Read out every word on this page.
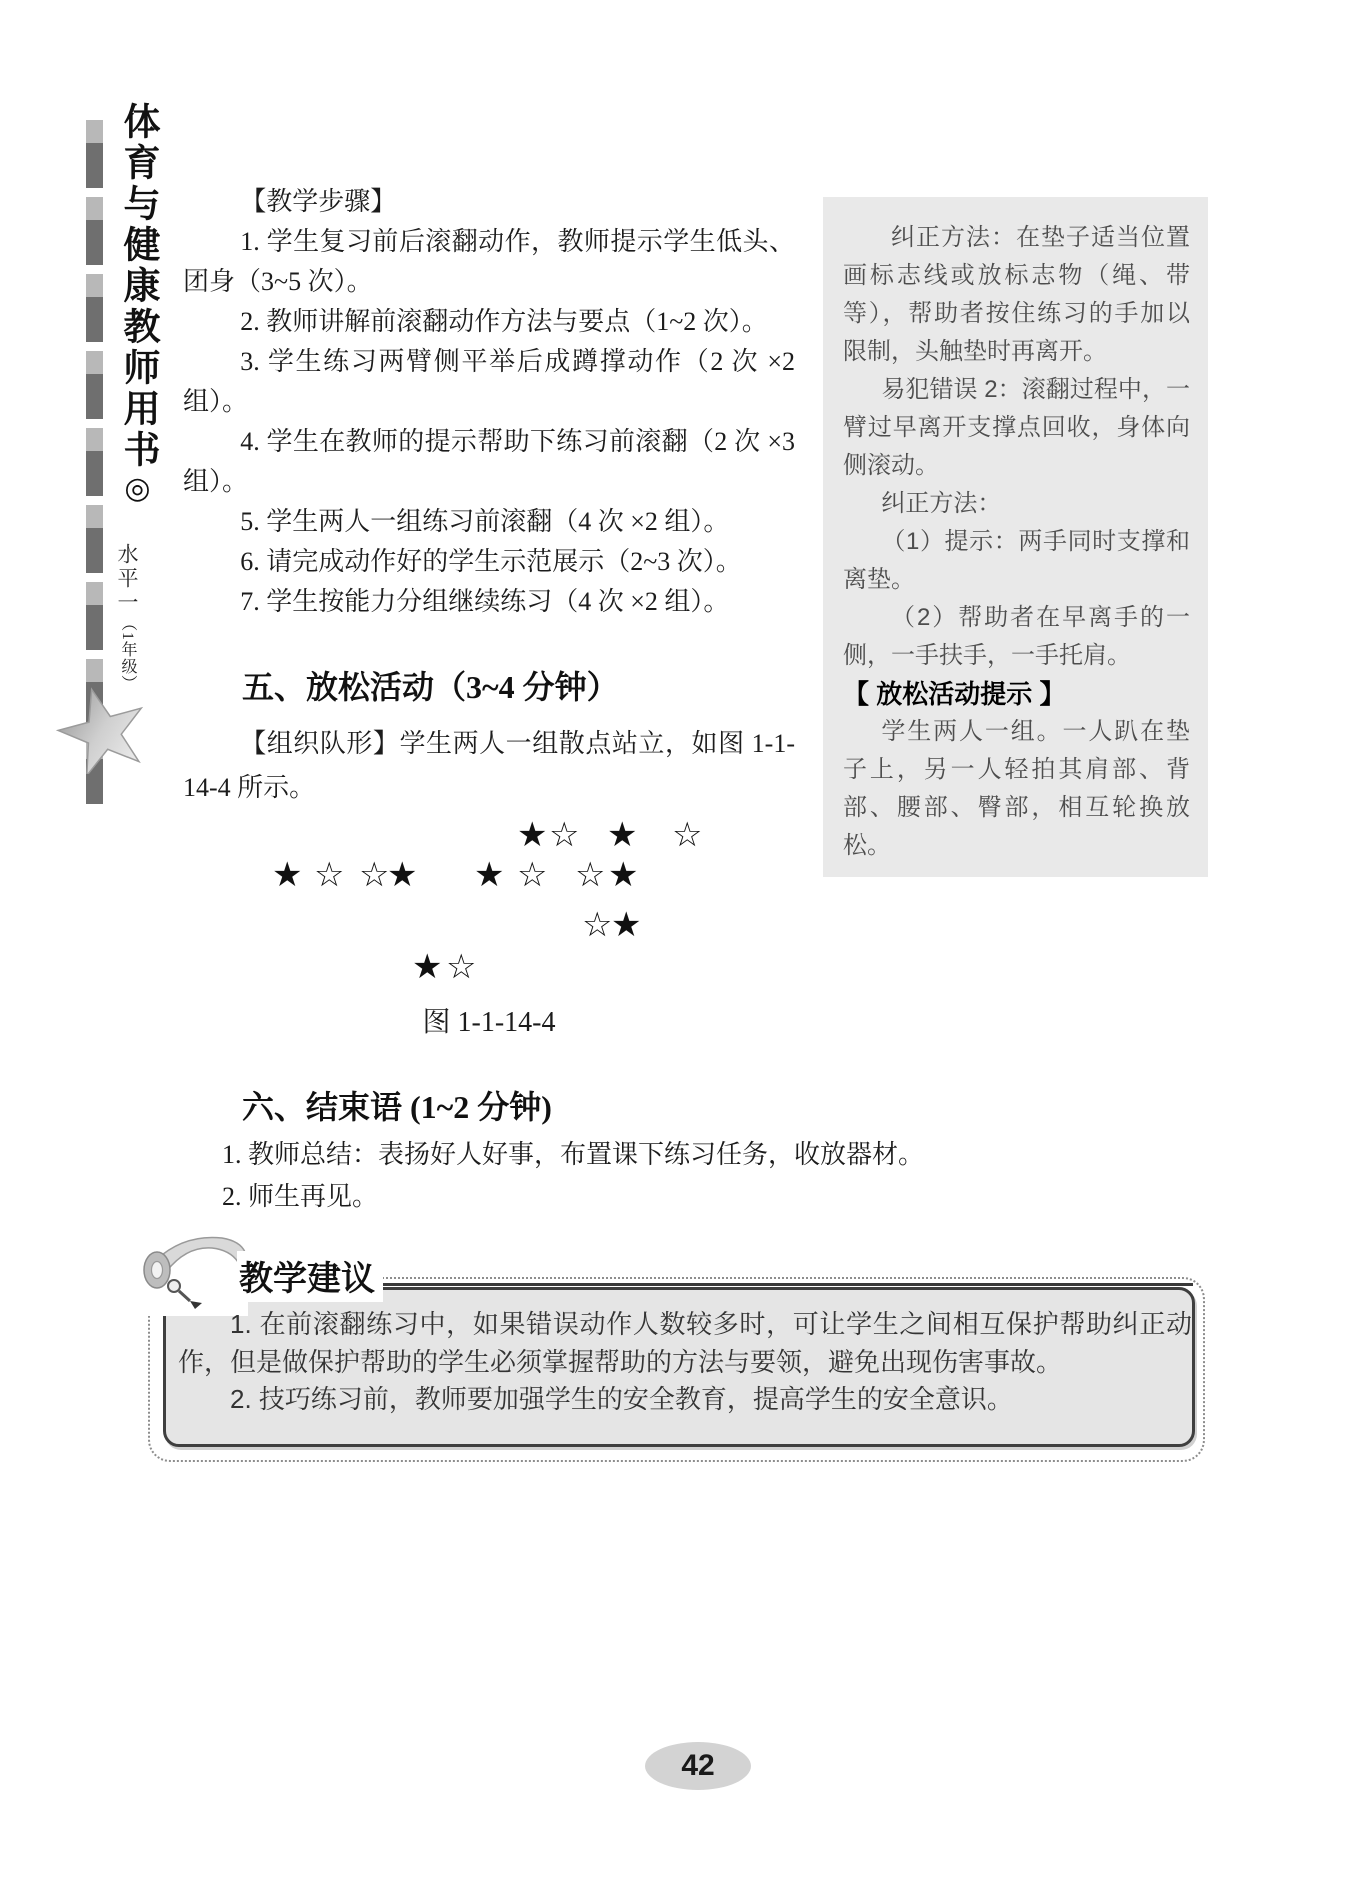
体育与健康教师用书◎
水平一（1年级）

【教学步骤】

1. 学生复习前后滚翻动作，教师提示学生低头、团身（3~5 次）。

2. 教师讲解前滚翻动作方法与要点（1~2 次）。

3. 学生练习两臂侧平举后成蹲撑动作（2 次 ×2 组）。

4. 学生在教师的提示帮助下练习前滚翻（2 次 ×3 组）。

5. 学生两人一组练习前滚翻（4 次 ×2 组）。

6. 请完成动作好的学生示范展示（2~3 次）。

7. 学生按能力分组继续练习（4 次 ×2 组）。

五、放松活动（3~4 分钟）

【组织队形】学生两人一组散点站立，如图 1-1-14-4 所示。

★ ☆ ★ ☆
★ ☆ ☆
★ ★ ☆ ☆ ★
☆
★
★ ☆
图 1-1-14-4
六、结束语 (1~2 分钟)

1. 教师总结：表扬好人好事，布置课下练习任务，收放器材。

2. 师生再见。

纠正方法：在垫子适当位置画标志线或放标志物（绳、带等），帮助者按住练习的手加以限制，头触垫时再离开。

易犯错误 2：滚翻过程中，一臂过早离开支撑点回收，身体向侧滚动。

纠正方法：

（1）提示：两手同时支撑和离垫。

（2）帮助者在早离手的一侧，一手扶手，一手托肩。

【 放松活动提示 】

学生两人一组。一人趴在垫子上，另一人轻拍其肩部、背部、腰部、臀部，相互轮换放松。

教学建议

1. 在前滚翻练习中，如果错误动作人数较多时，可让学生之间相互保护帮助纠正动作，但是做保护帮助的学生必须掌握帮助的方法与要领，避免出现伤害事故。

2. 技巧练习前，教师要加强学生的安全教育，提高学生的安全意识。

42
